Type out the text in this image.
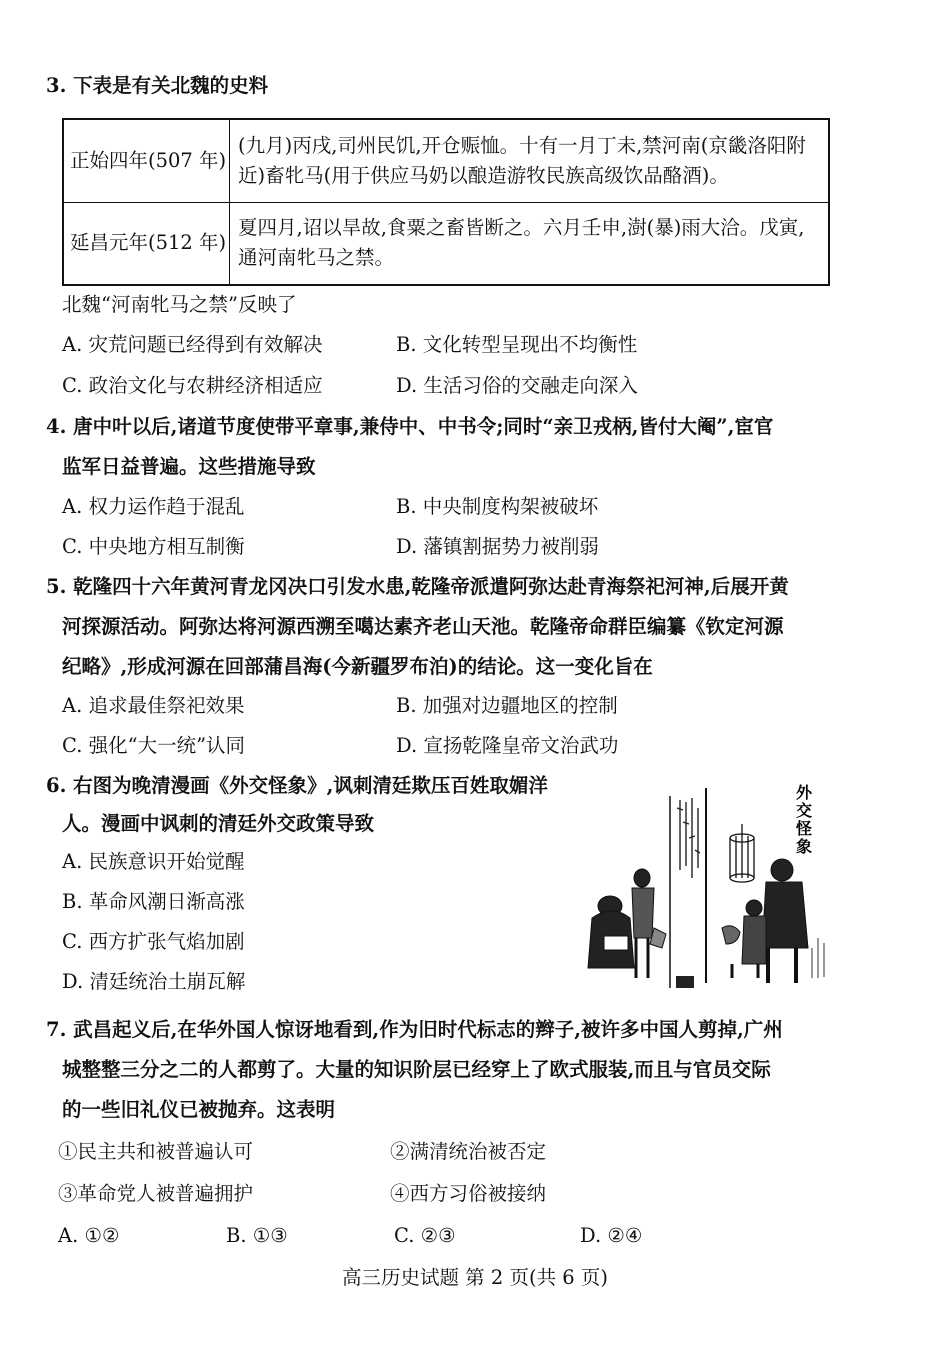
3. 下表是有关北魏的史料
正始四年(507 年)	(九月)丙戌,司州民饥,开仓赈恤。十有一月丁未,禁河南(京畿洛阳附近)畜牝马(用于供应马奶以酿造游牧民族高级饮品酪酒)。
延昌元年(512 年)	夏四月,诏以旱故,食粟之畜皆断之。六月壬申,澍(暴)雨大洽。戊寅,通河南牝马之禁。
北魏“河南牝马之禁”反映了
A. 灾荒问题已经得到有效解决	B. 文化转型呈现出不均衡性
C. 政治文化与农耕经济相适应	D. 生活习俗的交融走向深入
4. 唐中叶以后,诸道节度使带平章事,兼侍中、中书令;同时“亲卫戎柄,皆付大阉”,宦官
监军日益普遍。这些措施导致
A. 权力运作趋于混乱	B. 中央制度构架被破坏
C. 中央地方相互制衡	D. 藩镇割据势力被削弱
5. 乾隆四十六年黄河青龙冈决口引发水患,乾隆帝派遣阿弥达赴青海祭祀河神,后展开黄
河探源活动。阿弥达将河源西溯至噶达素齐老山天池。乾隆帝命群臣编纂《钦定河源
纪略》,形成河源在回部蒲昌海(今新疆罗布泊)的结论。这一变化旨在
A. 追求最佳祭祀效果	B. 加强对边疆地区的控制
C. 强化“大一统”认同	D. 宣扬乾隆皇帝文治武功
6. 右图为晚清漫画《外交怪象》,讽刺清廷欺压百姓取媚洋
人。漫画中讽刺的清廷外交政策导致
A. 民族意识开始觉醒
B. 革命风潮日渐高涨
C. 西方扩张气焰加剧
D. 清廷统治土崩瓦解
外
交
怪
象
7. 武昌起义后,在华外国人惊讶地看到,作为旧时代标志的辫子,被许多中国人剪掉,广州
城整整三分之二的人都剪了。大量的知识阶层已经穿上了欧式服装,而且与官员交际
的一些旧礼仪已被抛弃。这表明
①民主共和被普遍认可	②满清统治被否定
③革命党人被普遍拥护	④西方习俗被接纳
A. ①②	B. ①③	C. ②③	D. ②④
高三历史试题 第 2 页(共 6 页)
